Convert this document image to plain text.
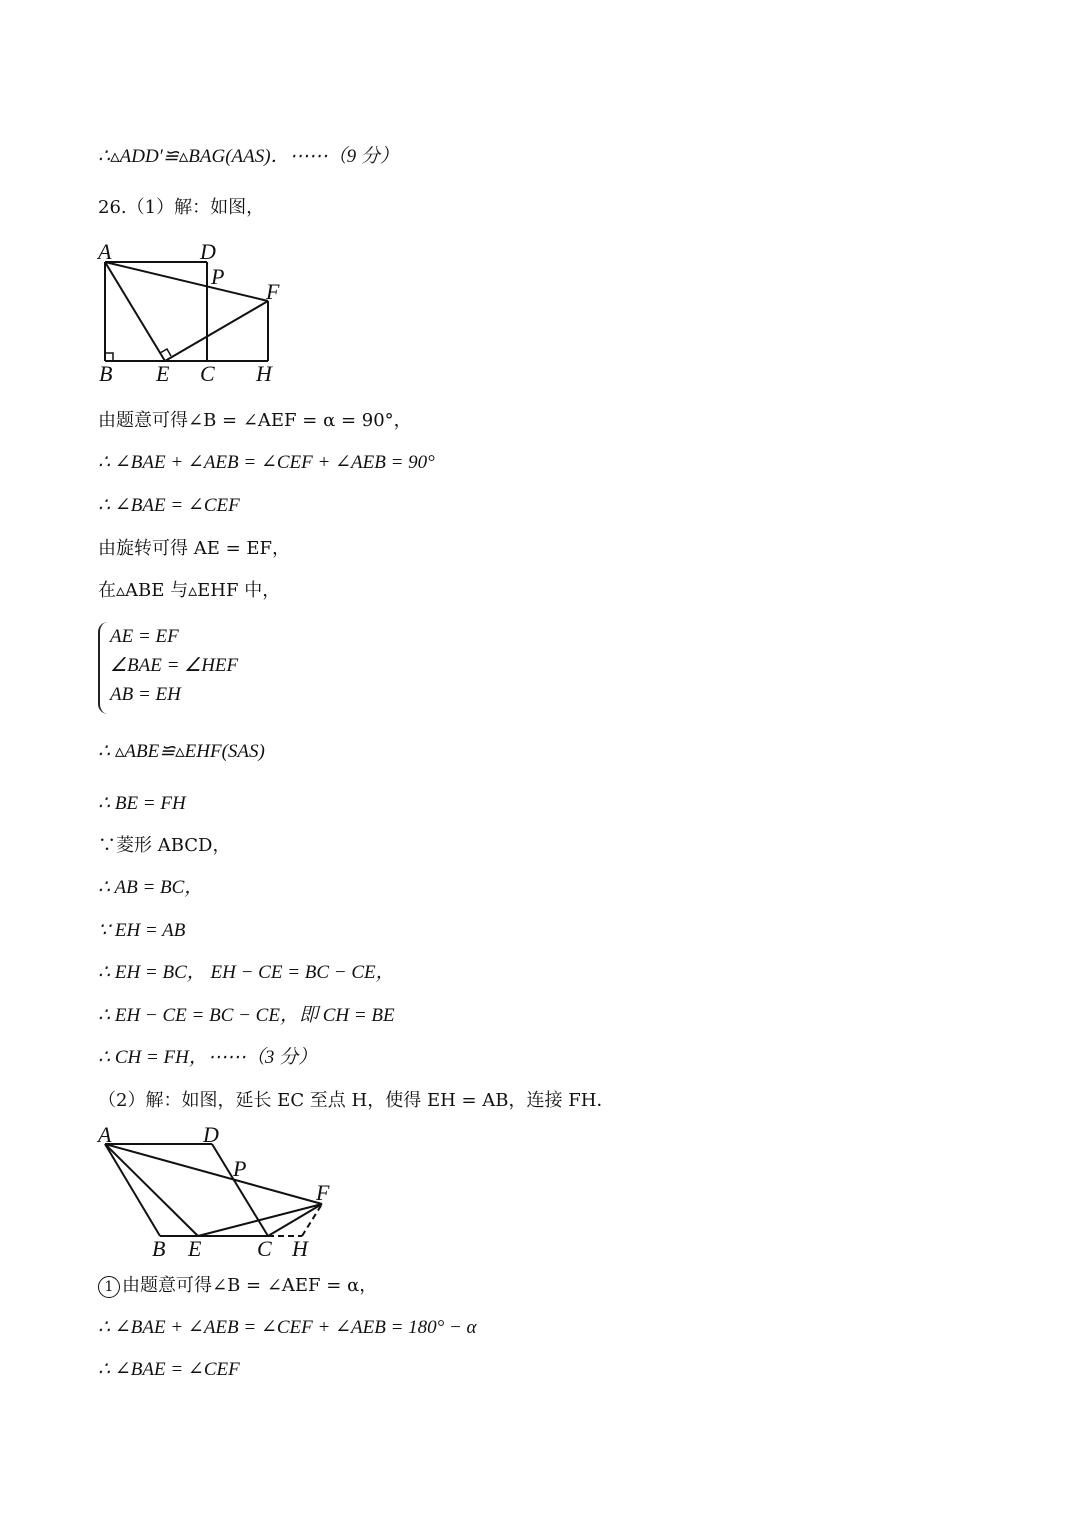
∴▵ADD′≌▵BAG(AAS)．⋯⋯（9 分）
26.（1）解：如图，
A	D
P
F
B E C H
由题意可得∠B = ∠AEF = α = 90°，
∴ ∠BAE + ∠AEB = ∠CEF + ∠AEB = 90°
∴ ∠BAE = ∠CEF
由旋转可得 AE = EF，
在▵ABE 与▵EHF 中，
AE = EF
∠BAE = ∠HEF
AB = EH
∴ ▵ABE≌▵EHF(SAS)
∴ BE = FH
∵菱形 ABCD，
∴ AB = BC，
∵ EH = AB
∴ EH = BC， EH − CE = BC − CE，
∴ EH − CE = BC − CE，即 CH = BE
∴ CH = FH，⋯⋯（3 分）
（2）解：如图，延长 EC 至点 H，使得 EH = AB，连接 FH．
A	D
P
F
B E	C H
1 由题意可得∠B = ∠AEF = α，
∴ ∠BAE + ∠AEB = ∠CEF + ∠AEB = 180° − α
∴ ∠BAE = ∠CEF
